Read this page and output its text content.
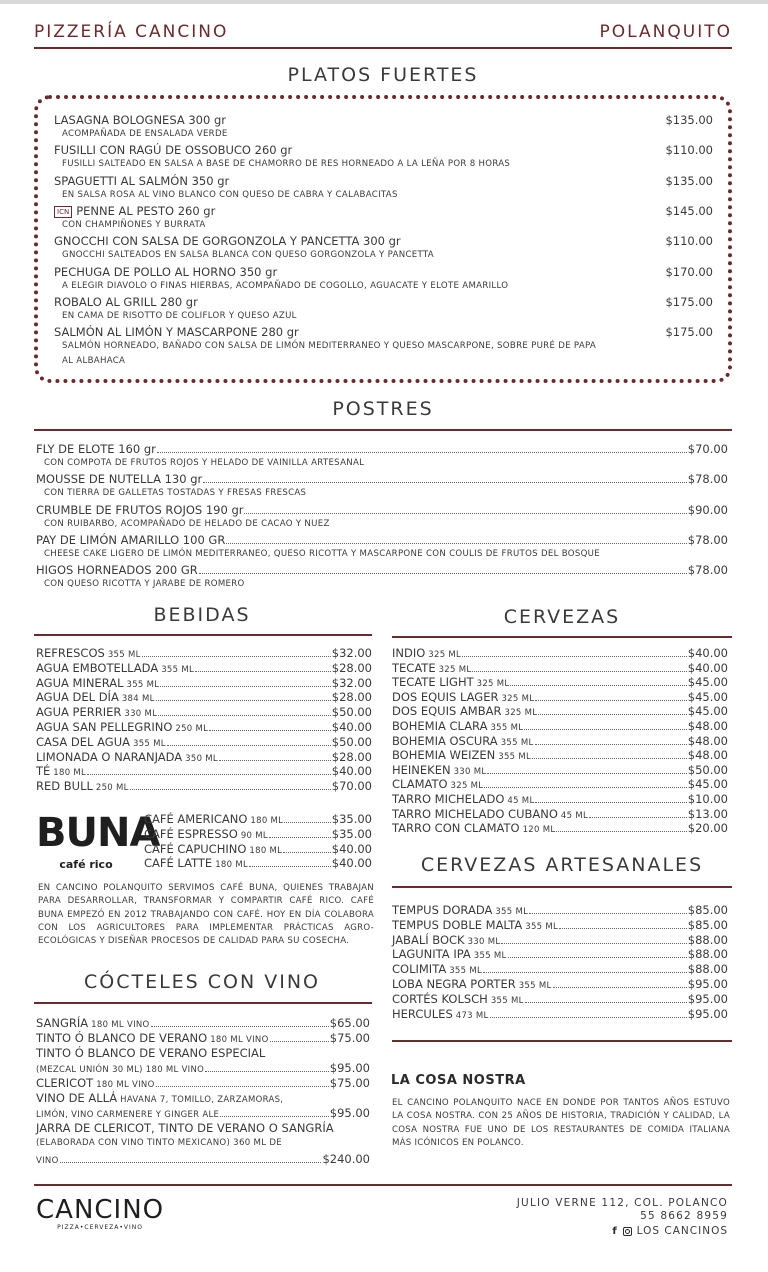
PIZZERÍA CANCINO	POLANQUITO
PLATOS FUERTES
LASAGNA BOLOGNESA 300 gr	$135.00
ACOMPAÑADA DE ENSALADA VERDE
FUSILLI CON RAGÚ DE OSSOBUCO 260 gr	$110.00
FUSILLI SALTEADO EN SALSA A BASE DE CHAMORRO DE RES HORNEADO A LA LEÑA POR 8 HORAS
SPAGUETTI AL SALMÓN 350 gr	$135.00
EN SALSA ROSA AL VINO BLANCO CON QUESO DE CABRA Y CALABACITAS
ICN PENNE AL PESTO 260 gr	$145.00
CON CHAMPIÑONES Y BURRATA
GNOCCHI CON SALSA DE GORGONZOLA Y PANCETTA 300 gr	$110.00
GNOCCHI SALTEADOS EN SALSA BLANCA CON QUESO GORGONZOLA Y PANCETTA
PECHUGA DE POLLO AL HORNO 350 gr	$170.00
A ELEGIR DIAVOLO O FINAS HIERBAS, ACOMPAÑADO DE COGOLLO, AGUACATE Y ELOTE AMARILLO
ROBALO AL GRILL 280 gr	$175.00
EN CAMA DE RISOTTO DE COLIFLOR Y QUESO AZUL
SALMÓN AL LIMÓN Y MASCARPONE 280 gr	$175.00
SALMÓN HORNEADO, BAÑADO CON SALSA DE LIMÓN MEDITERRANEO Y QUESO MASCARPONE, SOBRE PURÉ DE PAPA
AL ALBAHACA
POSTRES
FLY DE ELOTE 160 gr	$70.00
CON COMPOTA DE FRUTOS ROJOS Y HELADO DE VAINILLA ARTESANAL
MOUSSE DE NUTELLA 130 gr	$78.00
CON TIERRA DE GALLETAS TOSTADAS Y FRESAS FRESCAS
CRUMBLE DE FRUTOS ROJOS 190 gr	$90.00
CON RUIBARBO, ACOMPAÑADO DE HELADO DE CACAO Y NUEZ
PAY DE LIMÓN AMARILLO 100 GR	$78.00
CHEESE CAKE LIGERO DE LIMÓN MEDITERRANEO, QUESO RICOTTA Y MASCARPONE CON COULIS DE FRUTOS DEL BOSQUE
HIGOS HORNEADOS 200 GR	$78.00
CON QUESO RICOTTA Y JARABE DE ROMERO
BEBIDAS
REFRESCOS 355 ML	$32.00
AGUA EMBOTELLADA 355 ML	$28.00
AGUA MINERAL 355 ML	$32.00
AGUA DEL DÍA 384 ML	$28.00
AGUA PERRIER 330 ML	$50.00
AGUA SAN PELLEGRINO 250 ML	$40.00
CASA DEL AGUA 355 ML	$50.00
LIMONADA O NARANJADA 350 ML	$28.00
TÉ 180 ML	$40.00
RED BULL 250 ML	$70.00
BUNA
café rico
CAFÉ AMERICANO 180 ML	$35.00
CAFÉ ESPRESSO 90 ML	$35.00
CAFÉ CAPUCHINO 180 ML	$40.00
CAFÉ LATTE 180 ML	$40.00
EN CANCINO POLANQUITO SERVIMOS CAFÉ BUNA, QUIENES TRABAJAN PARA DESARROLLAR, TRANSFORMAR Y COMPARTIR CAFÉ RICO. CAFÉ BUNA EMPEZÓ EN 2012 TRABAJANDO CON CAFÉ. HOY EN DÍA COLABORA CON LOS AGRICULTORES PARA IMPLEMENTAR PRÁCTICAS AGRO-ECOLÓGICAS Y DISEÑAR PROCESOS DE CALIDAD PARA SU COSECHA.
CÓCTELES CON VINO
SANGRÍA 180 ML VINO	$65.00
TINTO Ó BLANCO DE VERANO 180 ML VINO	$75.00
TINTO Ó BLANCO DE VERANO ESPECIAL
(MEZCAL UNIÓN 30 ML) 180 ML VINO	$95.00
CLERICOT 180 ML VINO	$75.00
VINO DE ALLÁ HAVANA 7, TOMILLO, ZARZAMORAS,
LIMÓN, VINO CARMENERE Y GINGER ALE	$95.00
JARRA DE CLERICOT, TINTO DE VERANO O SANGRÍA
(ELABORADA CON VINO TINTO MEXICANO) 360 ML DE
VINO	$240.00
CERVEZAS
INDIO 325 ML	$40.00
TECATE 325 ML	$40.00
TECATE LIGHT 325 ML	$45.00
DOS EQUIS LAGER 325 ML	$45.00
DOS EQUIS AMBAR 325 ML	$45.00
BOHEMIA CLARA 355 ML	$48.00
BOHEMIA OSCURA 355 ML	$48.00
BOHEMIA WEIZEN 355 ML	$48.00
HEINEKEN 330 ML	$50.00
CLAMATO 325 ML	$45.00
TARRO MICHELADO 45 ML	$10.00
TARRO MICHELADO CUBANO 45 ML	$13.00
TARRO CON CLAMATO 120 ML	$20.00
CERVEZAS ARTESANALES
TEMPUS DORADA 355 ML	$85.00
TEMPUS DOBLE MALTA 355 ML	$85.00
JABALÍ BOCK 330 ML	$88.00
LAGUNITA IPA 355 ML	$88.00
COLIMITA 355 ML	$88.00
LOBA NEGRA PORTER 355 ML	$95.00
CORTÉS KOLSCH 355 ML	$95.00
HERCULES 473 ML	$95.00
LA COSA NOSTRA
EL CANCINO POLANQUITO NACE EN DONDE POR TANTOS AÑOS ESTUVO LA COSA NOSTRA. CON 25 AÑOS DE HISTORIA, TRADICIÓN Y CALIDAD, LA COSA NOSTRA FUE UNO DE LOS RESTAURANTES DE COMIDA ITALIANA MÁS ICÓNICOS EN POLANCO.
CANCINO
PIZZA•CERVEZA•VINO
JULIO VERNE 112, COL. POLANCO
55 8662 8959
f LOS CANCINOS
